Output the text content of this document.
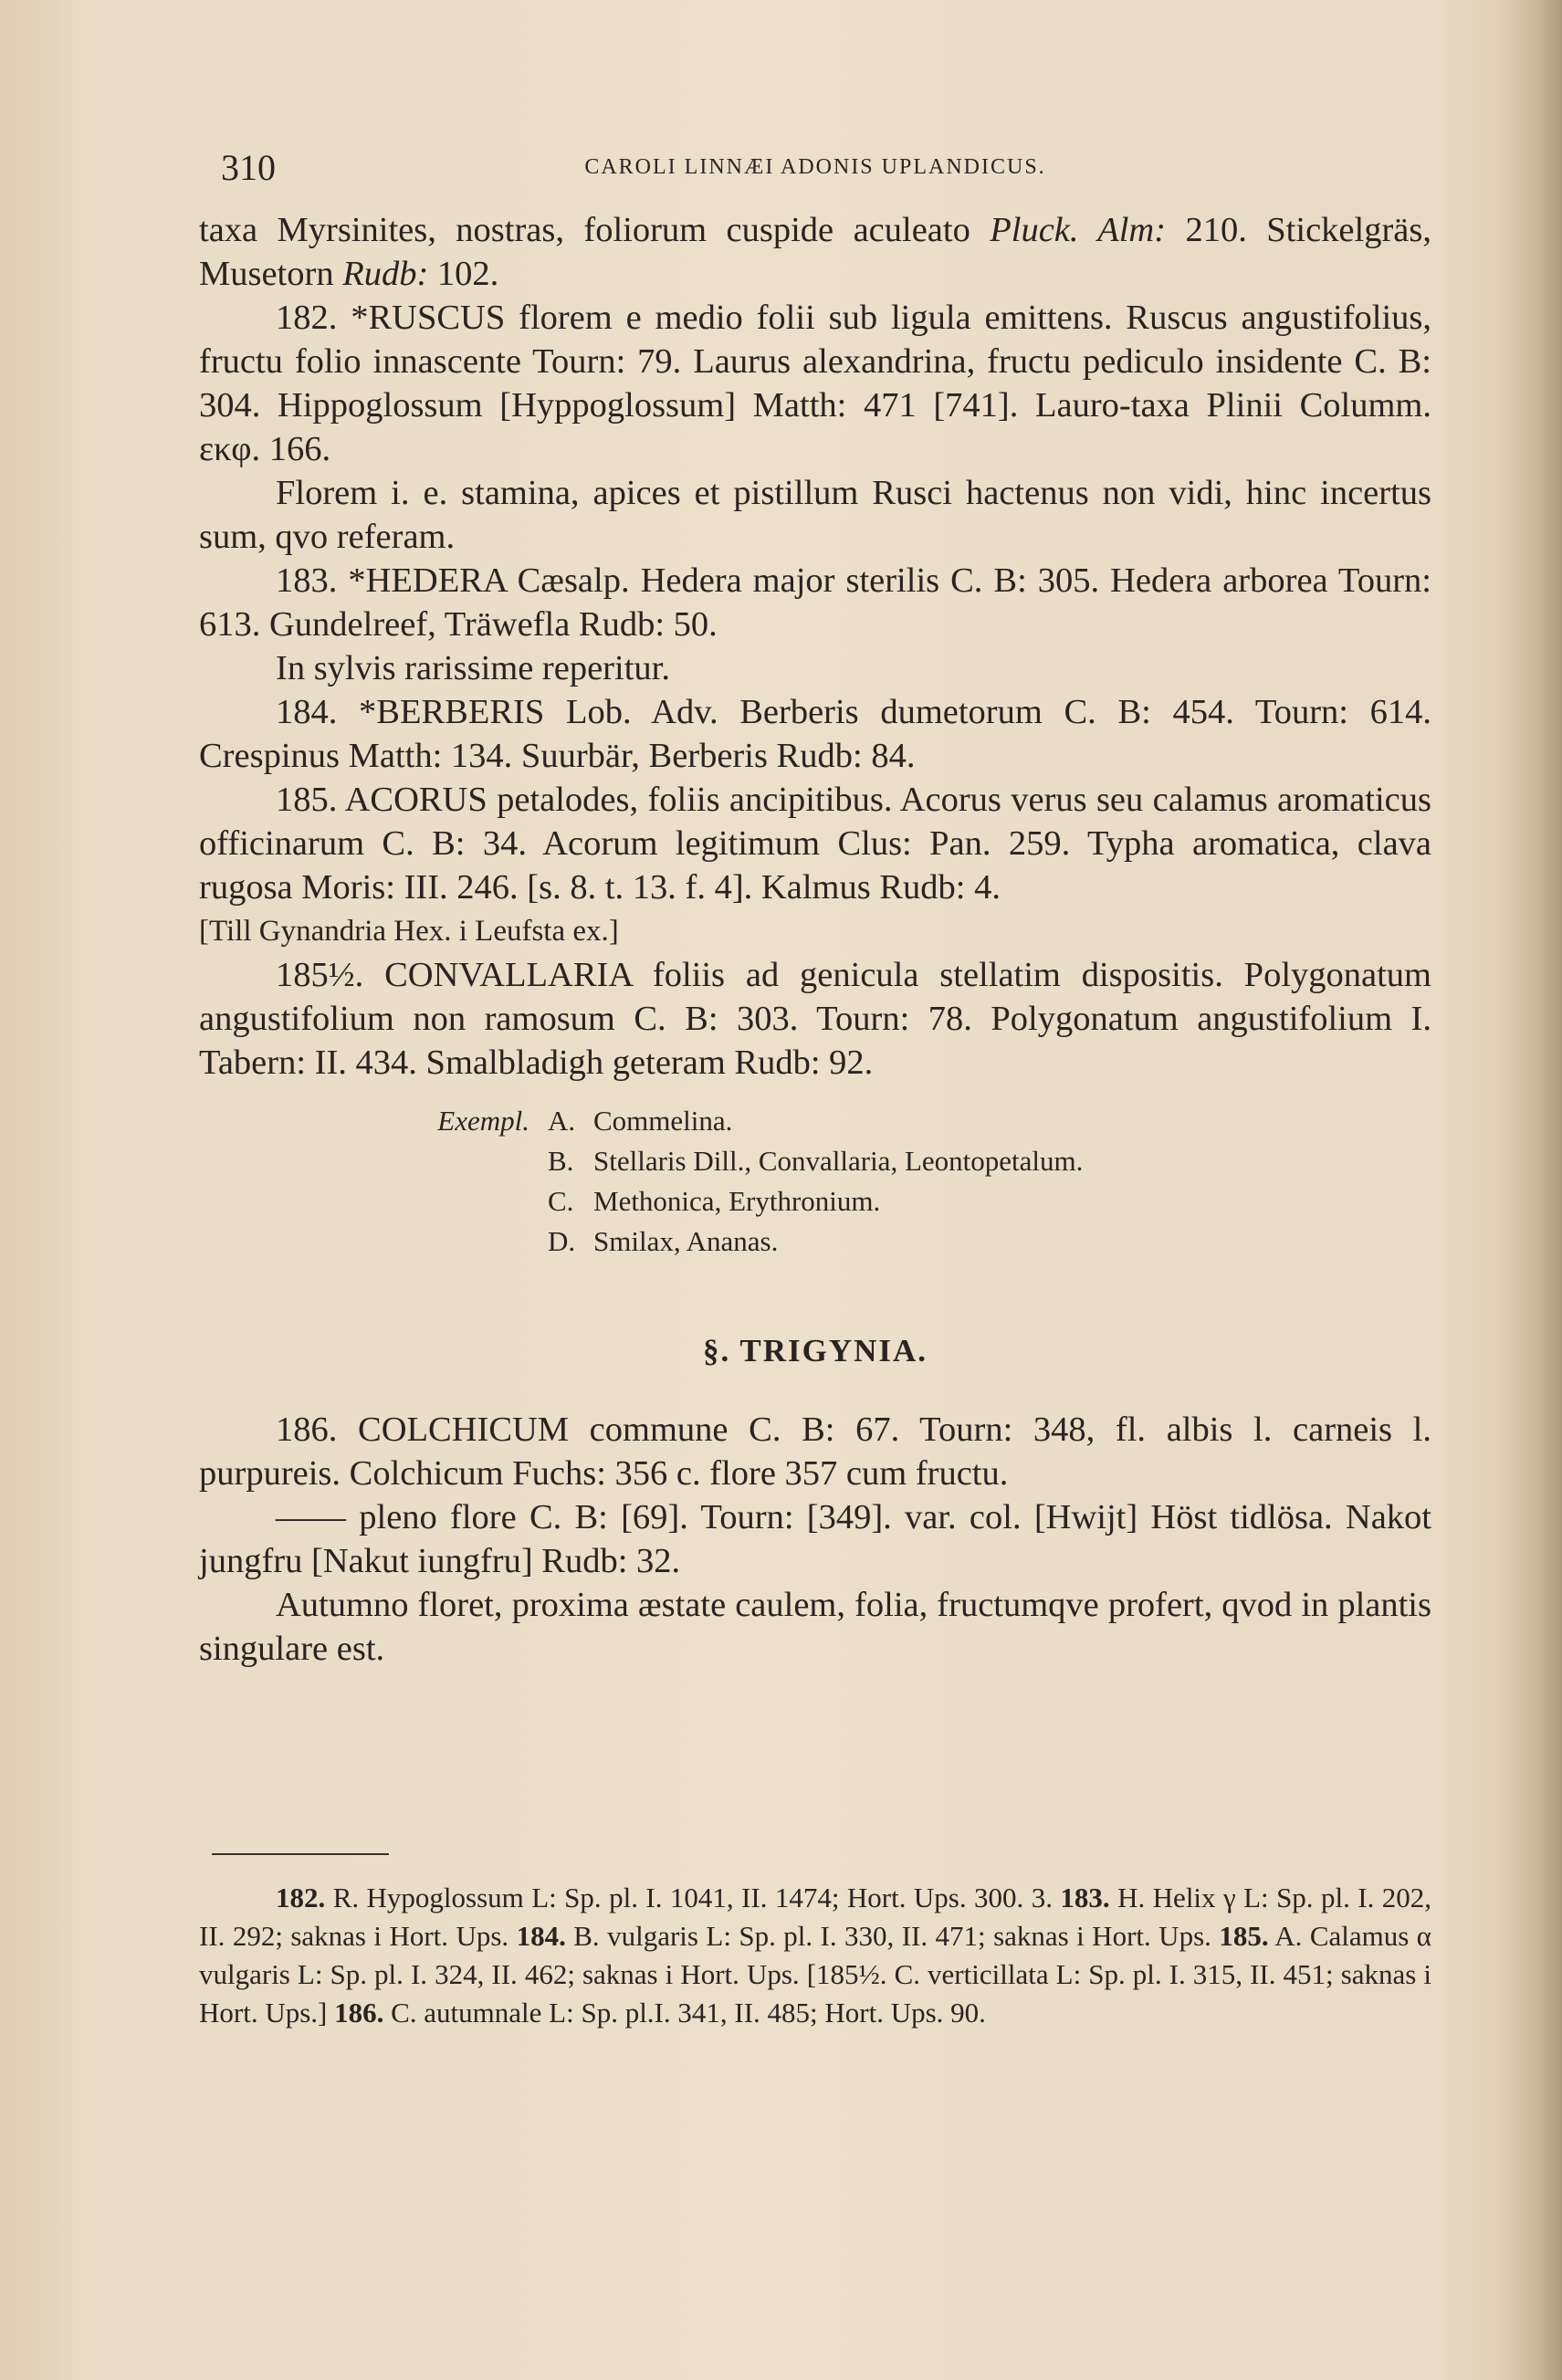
310	CAROLI LINNÆI ADONIS UPLANDICUS.

taxa Myrsinites, nostras, foliorum cuspide aculeato Pluck. Alm: 210. Stickelgräs, Musetorn Rudb: 102.

182. *RUSCUS florem e medio folii sub ligula emittens. Ruscus angustifolius, fructu folio innascente Tourn: 79. Laurus alexandrina, fructu pediculo insidente C. B: 304. Hippoglossum [Hyppoglossum] Matth: 471 [741]. Lauro-taxa Plinii Columm. εκφ. 166.

Florem i. e. stamina, apices et pistillum Rusci hactenus non vidi, hinc incertus sum, qvo referam.

183. *HEDERA Cæsalp. Hedera major sterilis C. B: 305. Hedera arborea Tourn: 613. Gundelreef, Träwefla Rudb: 50.

In sylvis rarissime reperitur.

184. *BERBERIS Lob. Adv. Berberis dumetorum C. B: 454. Tourn: 614. Crespinus Matth: 134. Suurbär, Berberis Rudb: 84.

185. ACORUS petalodes, foliis ancipitibus. Acorus verus seu calamus aromaticus officinarum C. B: 34. Acorum legitimum Clus: Pan. 259. Typha aromatica, clava rugosa Moris: III. 246. [s. 8. t. 13. f. 4]. Kalmus Rudb: 4.

[Till Gynandria Hex. i Leufsta ex.]

185½. CONVALLARIA foliis ad genicula stellatim dispositis. Polygonatum angustifolium non ramosum C. B: 303. Tourn: 78. Polygonatum angustifolium I. Tabern: II. 434. Smalbladigh geteram Rudb: 92.

Exempl. A. Commelina.
B. Stellaris Dill., Convallaria, Leontopetalum.
C. Methonica, Erythronium.
D. Smilax, Ananas.
§. TRIGYNIA.

186. COLCHICUM commune C. B: 67. Tourn: 348, fl. albis l. carneis l. purpureis. Colchicum Fuchs: 356 c. flore 357 cum fructu.

—— pleno flore C. B: [69]. Tourn: [349]. var. col. [Hwijt] Höst tidlösa. Nakot jungfru [Nakut iungfru] Rudb: 32.

Autumno floret, proxima æstate caulem, folia, fructumqve profert, qvod in plantis singulare est.

182. R. Hypoglossum L: Sp. pl. I. 1041, II. 1474; Hort. Ups. 300. 3. 183. H. Helix γ L: Sp. pl. I. 202, II. 292; saknas i Hort. Ups. 184. B. vulgaris L: Sp. pl. I. 330, II. 471; saknas i Hort. Ups. 185. A. Calamus α vulgaris L: Sp. pl. I. 324, II. 462; saknas i Hort. Ups. [185½. C. verticillata L: Sp. pl. I. 315, II. 451; saknas i Hort. Ups.] 186. C. autumnale L: Sp. pl.I. 341, II. 485; Hort. Ups. 90.
